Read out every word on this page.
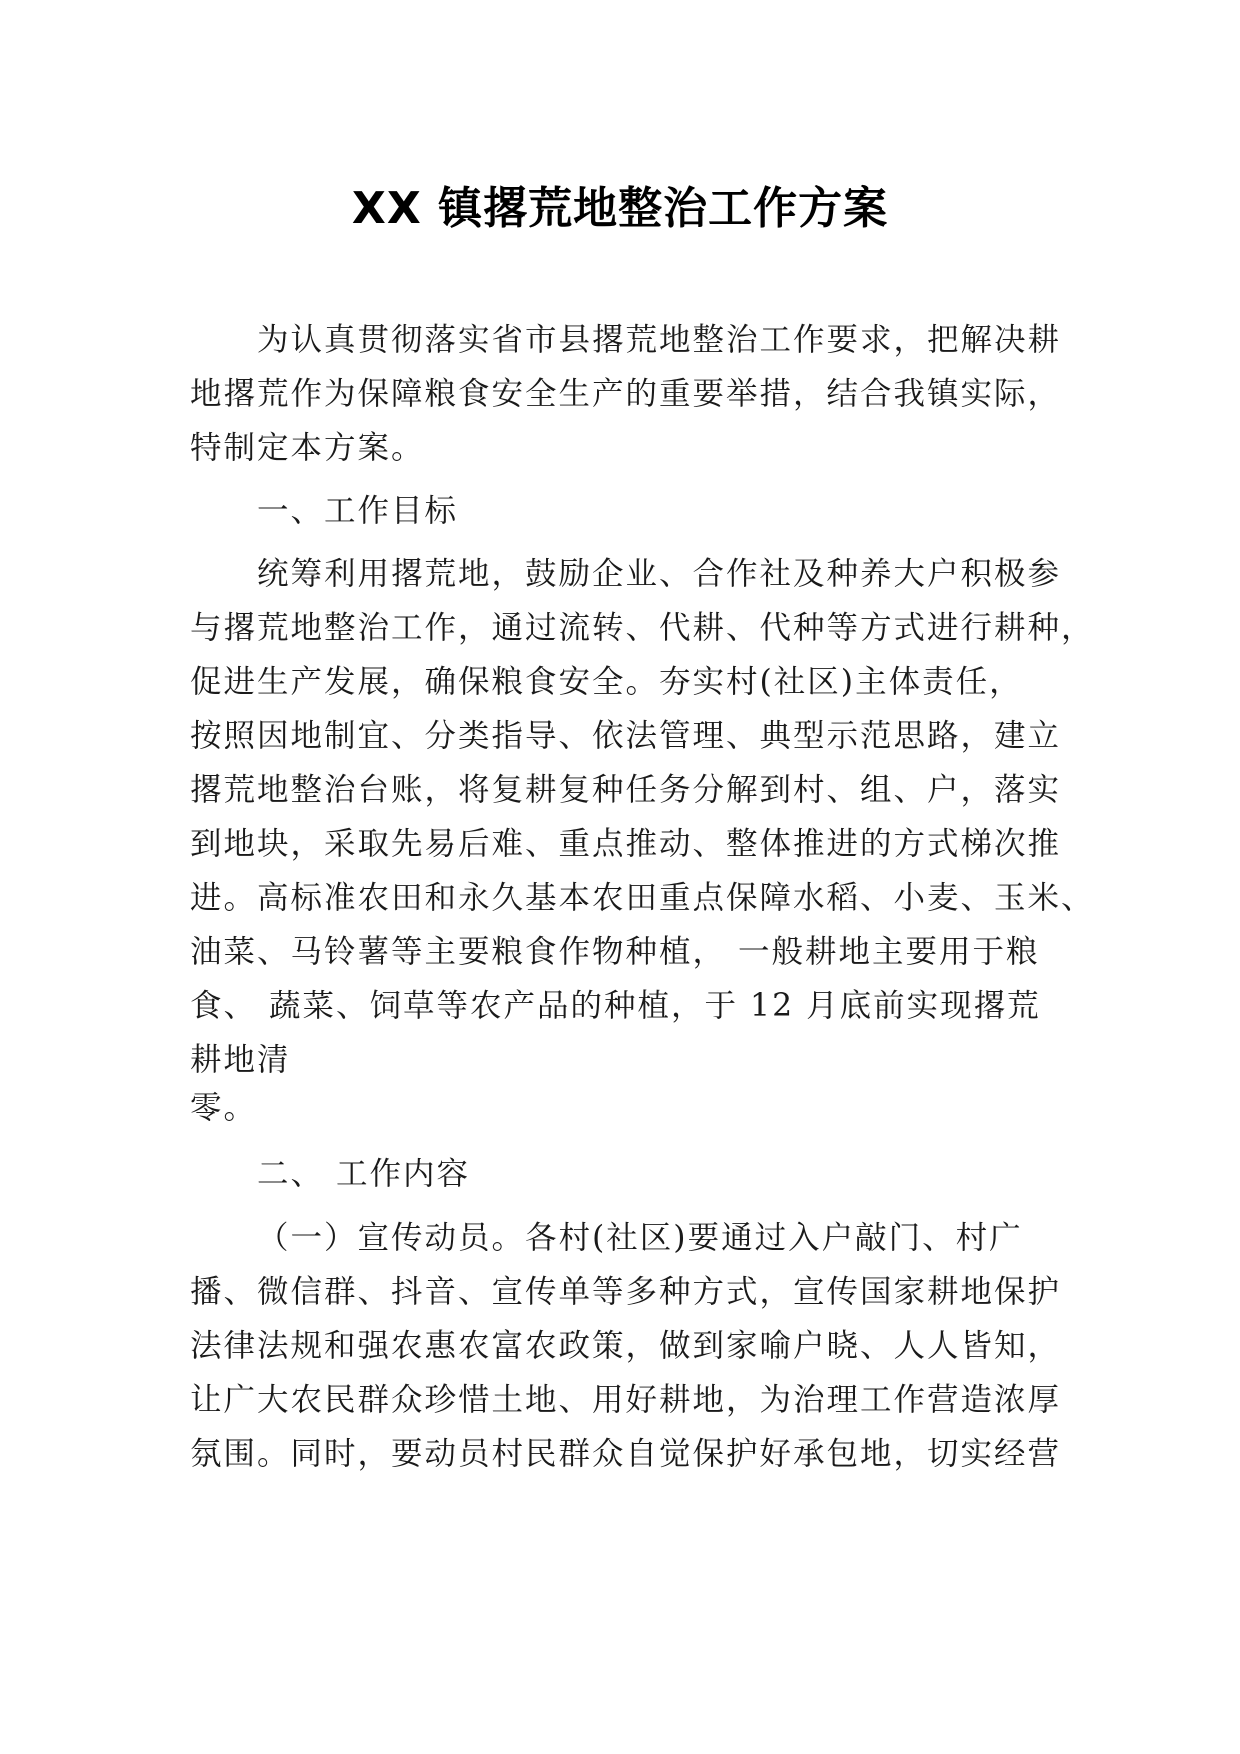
XX 镇撂荒地整治工作方案
为认真贯彻落实省市县撂荒地整治工作要求，把解决耕
地撂荒作为保障粮食安全生产的重要举措，结合我镇实际，
特制定本方案。
一、工作目标
统筹利用撂荒地，鼓励企业、合作社及种养大户积极参
与撂荒地整治工作，通过流转、代耕、代种等方式进行耕种，
促进生产发展，确保粮食安全。夯实村(社区)主体责任，
按照因地制宜、分类指导、依法管理、典型示范思路，建立
撂荒地整治台账，将复耕复种任务分解到村、组、户，落实
到地块，采取先易后难、重点推动、整体推进的方式梯次推
进。高标准农田和永久基本农田重点保障水稻、小麦、玉米、
油菜、马铃薯等主要粮食作物种植， 一般耕地主要用于粮
食、 蔬菜、饲草等农产品的种植，于 12 月底前实现撂荒
耕地清
零。
二、 工作内容
（一）宣传动员。各村(社区)要通过入户敲门、村广
播、微信群、抖音、宣传单等多种方式，宣传国家耕地保护
法律法规和强农惠农富农政策，做到家喻户晓、人人皆知，
让广大农民群众珍惜土地、用好耕地，为治理工作营造浓厚
氛围。同时，要动员村民群众自觉保护好承包地，切实经营
